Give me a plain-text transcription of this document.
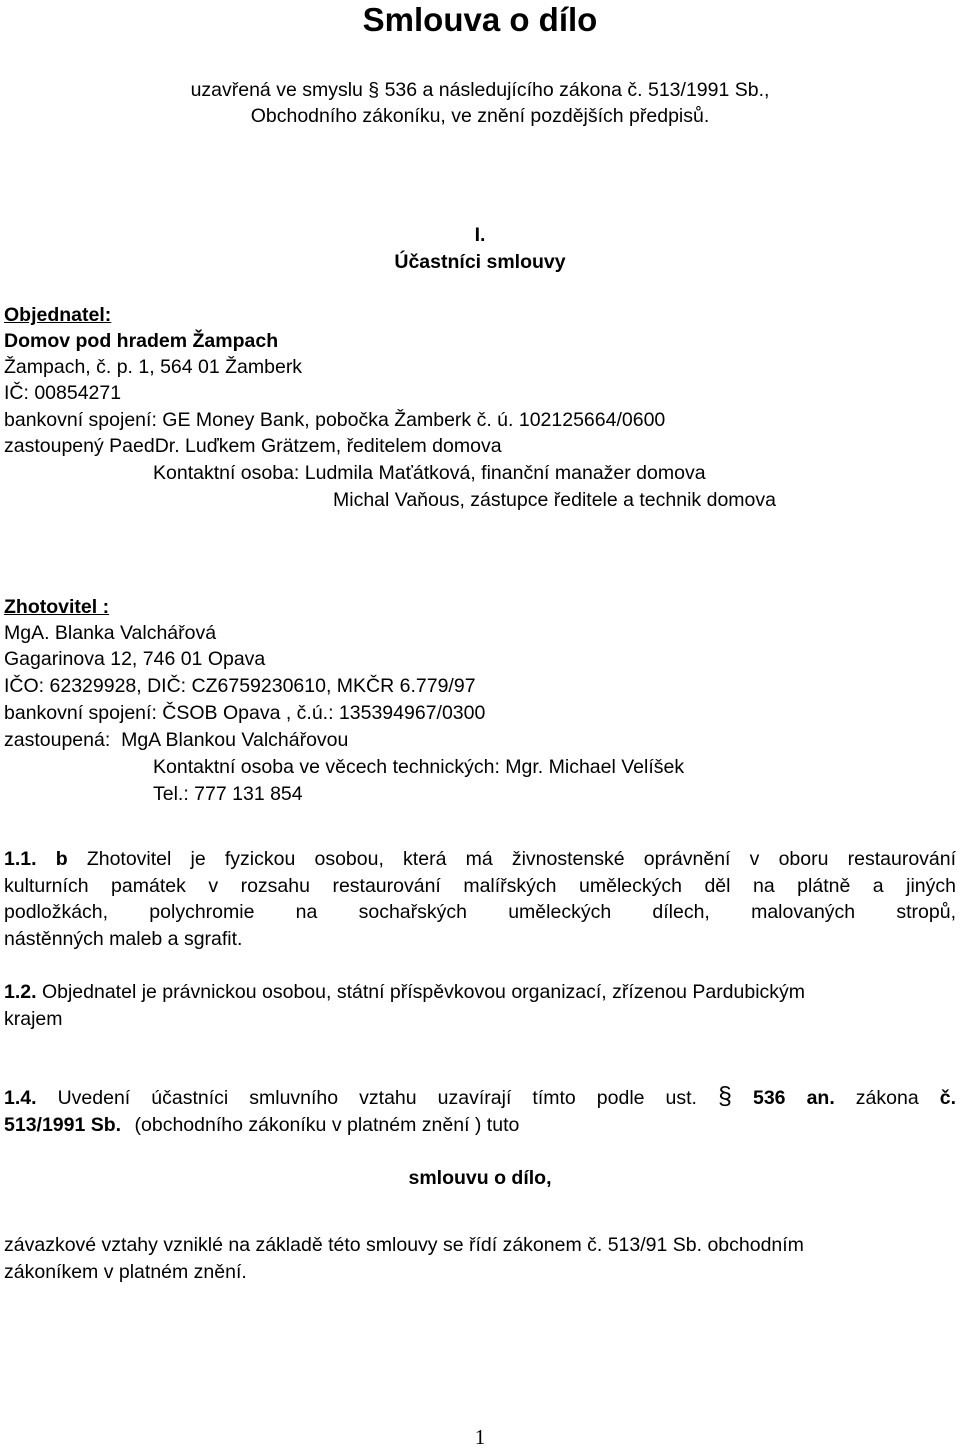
Smlouva o dílo
uzavřená ve smyslu § 536 a následujícího zákona č. 513/1991 Sb.,
Obchodního zákoníku, ve znění pozdějších předpisů.
I.
Účastníci smlouvy
Objednatel:
Domov pod hradem Žampach
Žampach, č. p. 1, 564 01 Žamberk
IČ: 00854271
bankovní spojení: GE Money Bank, pobočka Žamberk č. ú. 102125664/0600
zastoupený PaedDr. Luďkem Grätzem, ředitelem domova
Kontaktní osoba: Ludmila Maťátková, finanční manažer domova
Michal Vaňous, zástupce ředitele a technik domova
Zhotovitel :
MgA. Blanka Valchářová
Gagarinova 12, 746 01 Opava
IČO: 62329928, DIČ: CZ6759230610, MKČR 6.779/97
bankovní spojení: ČSOB Opava , č.ú.: 135394967/0300
zastoupená:  MgA Blankou Valchářovou
Kontaktní osoba ve věcech technických: Mgr. Michael Velíšek
Tel.: 777 131 854
1.1. b Zhotovitel je fyzickou osobou, která má živnostenské oprávnění v oboru restaurování
kulturních památek v rozsahu restaurování malířských uměleckých děl na plátně a jiných
podložkách, polychromie na sochařských uměleckých dílech, malovaných stropů,
nástěnných maleb a sgrafit.
1.2. Objednatel je právnickou osobou, státní příspěvkovou organizací, zřízenou Pardubickým
krajem
1.4. Uvedení účastníci smluvního vztahu uzavírají tímto podle ust. § 536 an. zákona č.
513/1991 Sb. (obchodního zákoníku v platném znění ) tuto
smlouvu o dílo,
závazkové vztahy vzniklé na základě této smlouvy se řídí zákonem č. 513/91 Sb. obchodním
zákoníkem v platném znění.
1
